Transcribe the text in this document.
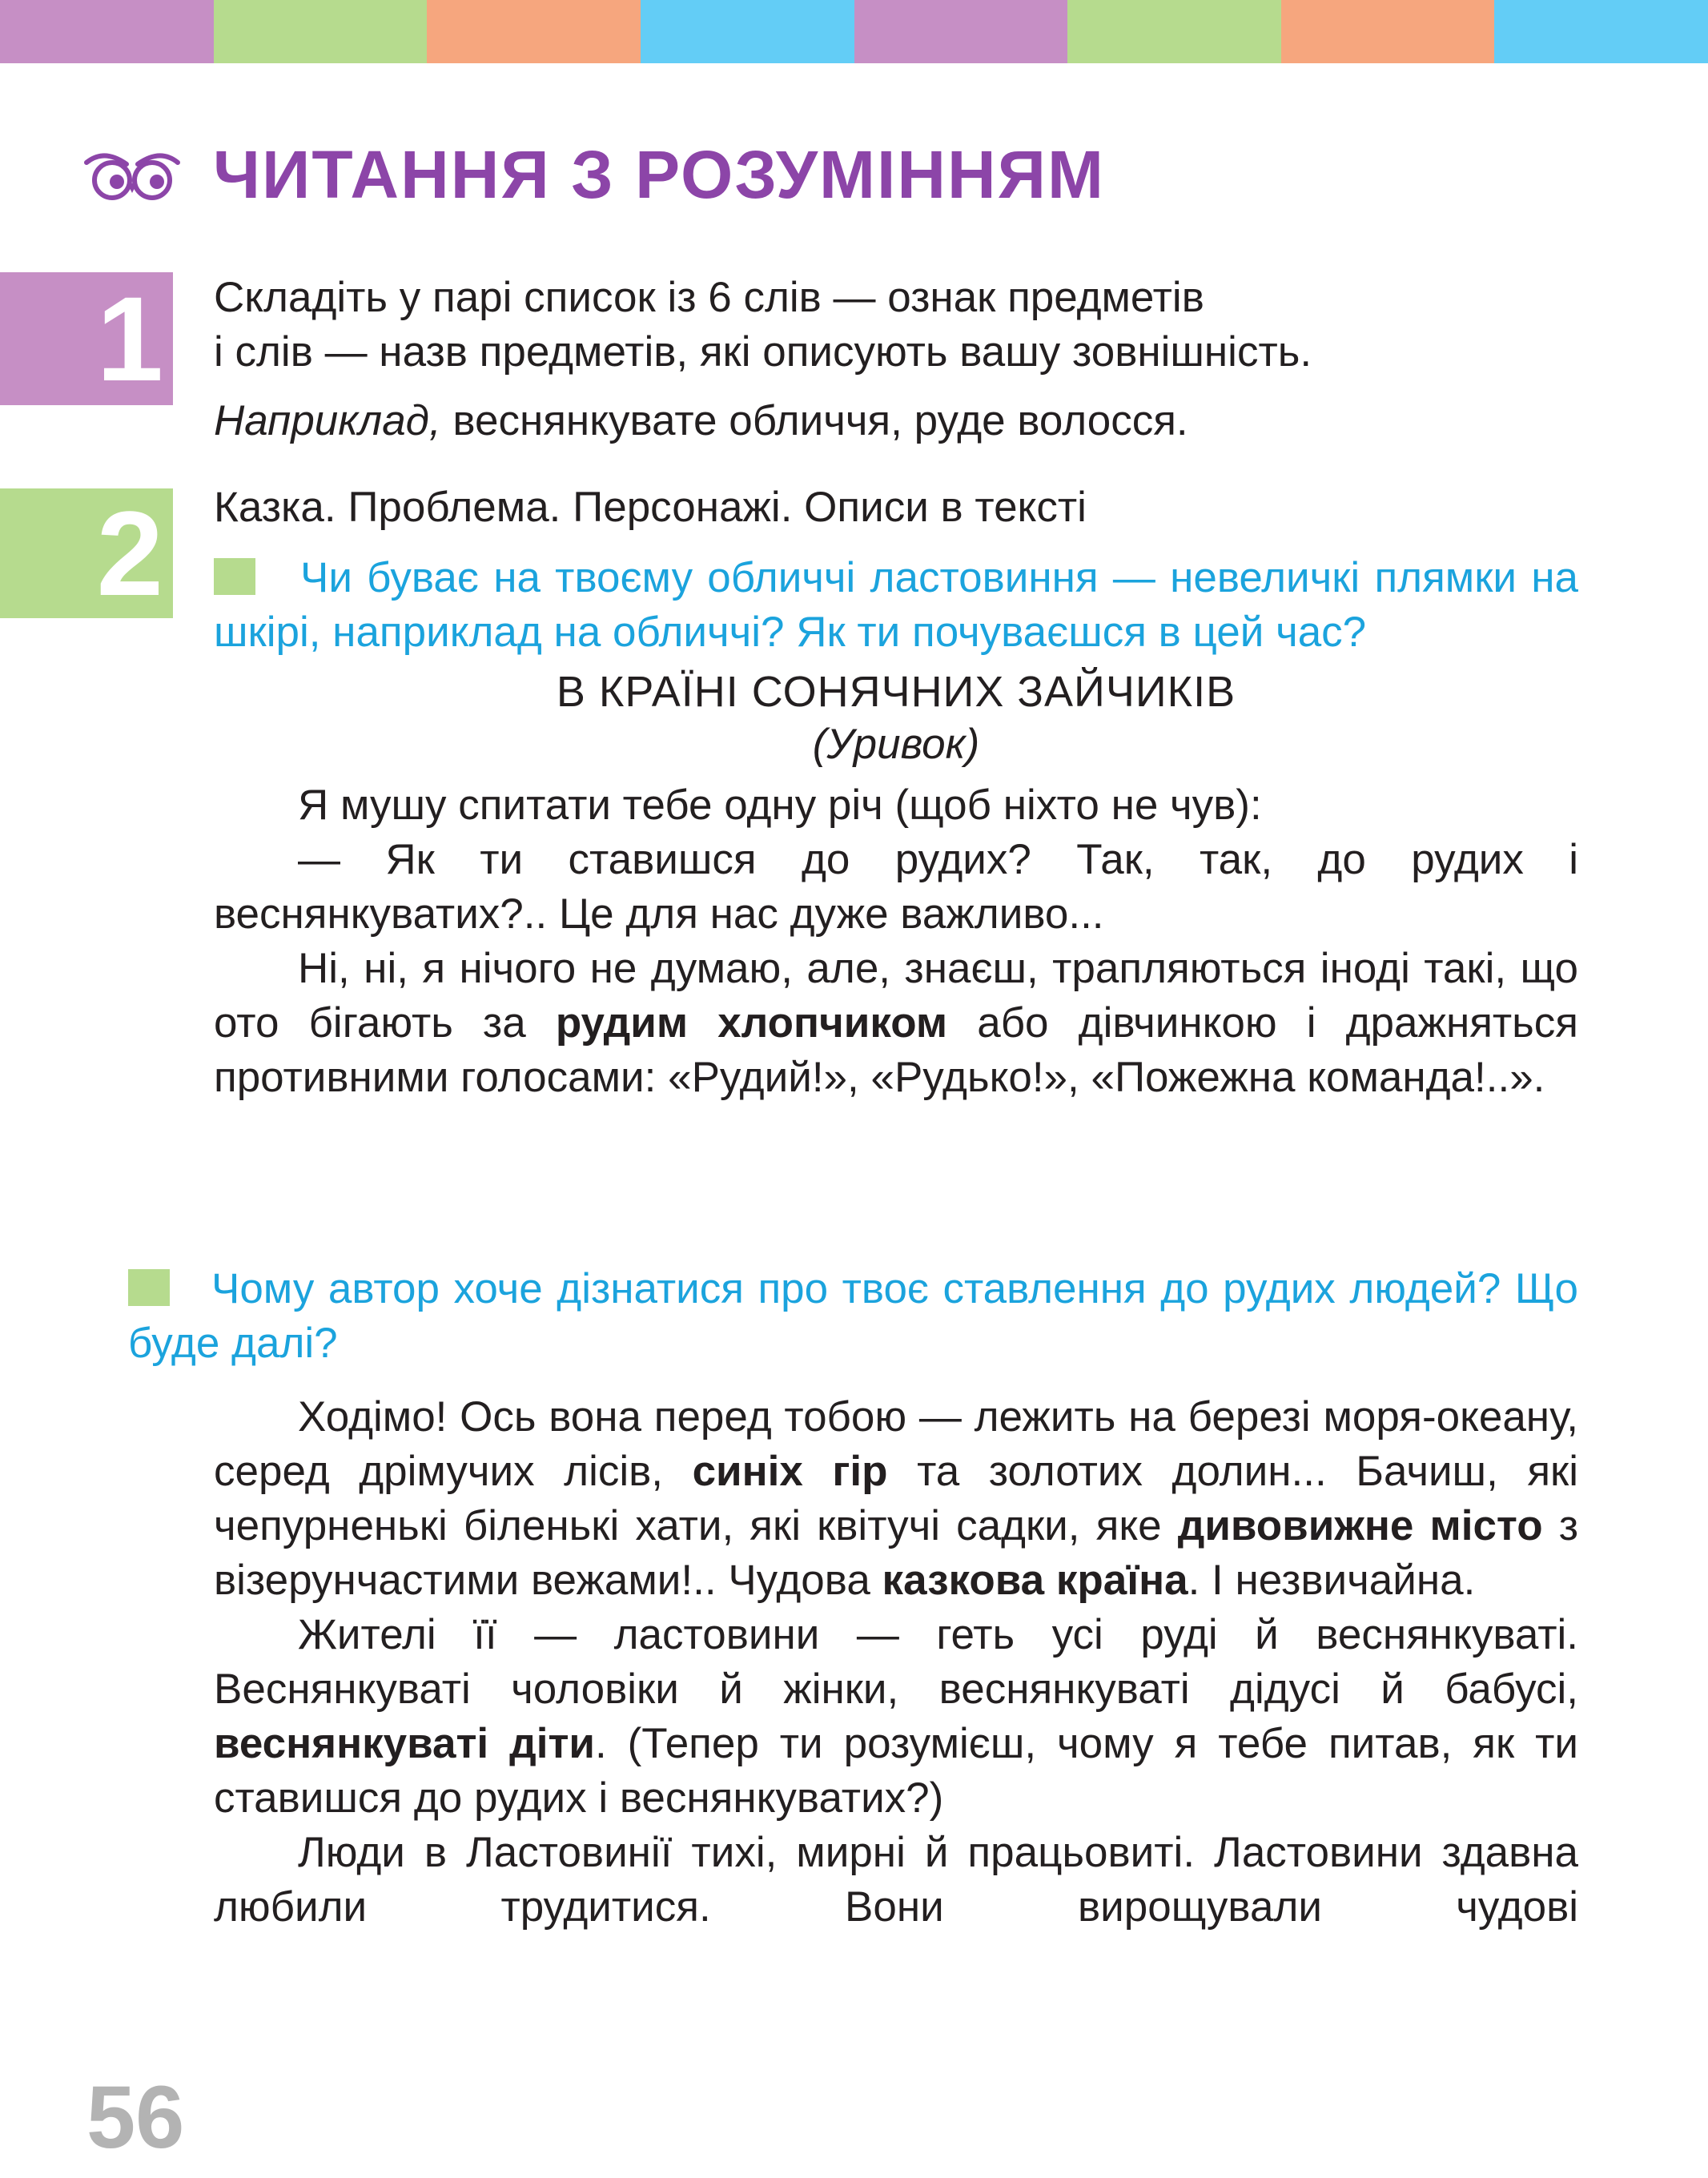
ЧИТАННЯ З РОЗУМІННЯМ
1
2

Складіть у парі список із 6 слів — ознак предметів

і слів — назв предметів, які описують вашу зовнішність.

Наприклад, веснянкувате обличчя, руде волосся.

Казка. Проблема. Персонажі. Описи в тексті

Чи буває на твоєму обличчі ластовиння — невеличкі плямки на шкірі, наприклад на обличчі? Як ти почуваєшся в цей час?

В КРАЇНІ СОНЯЧНИХ ЗАЙЧИКІВ

(Уривок)

Я мушу спитати тебе одну річ (щоб ніхто не чув):

— Як ти ставишся до рудих? Так, так, до рудих і веснянкуватих?.. Це для нас дуже важливо...

Ні, ні, я нічого не думаю, але, знаєш, трапляються іноді такі, що ото бігають за рудим хлопчиком або дівчинкою і дражняться противними голосами: «Рудий!», «Рудько!», «Пожежна команда!..».

Чому автор хоче дізнатися про твоє ставлення до рудих людей? Що буде далі?

Ходімо! Ось вона перед тобою — лежить на березі моря-океану, серед дрімучих лісів, синіх гір та золотих долин... Бачиш, які чепурненькі біленькі хати, які квітучі садки, яке дивовижне місто з візерунчастими вежами!.. Чудова казкова країна. І незвичайна.

Жителі її — ластовини — геть усі руді й веснянкуваті. Веснянкуваті чоловіки й жінки, веснянкуваті дідусі й бабусі, веснянкуваті діти. (Тепер ти розумієш, чому я тебе питав, як ти ставишся до рудих і веснянкуватих?)

Люди в Ластовинії тихі, мирні й працьовиті. Ластовини здавна любили трудитися. Вони вирощували чудові

56
